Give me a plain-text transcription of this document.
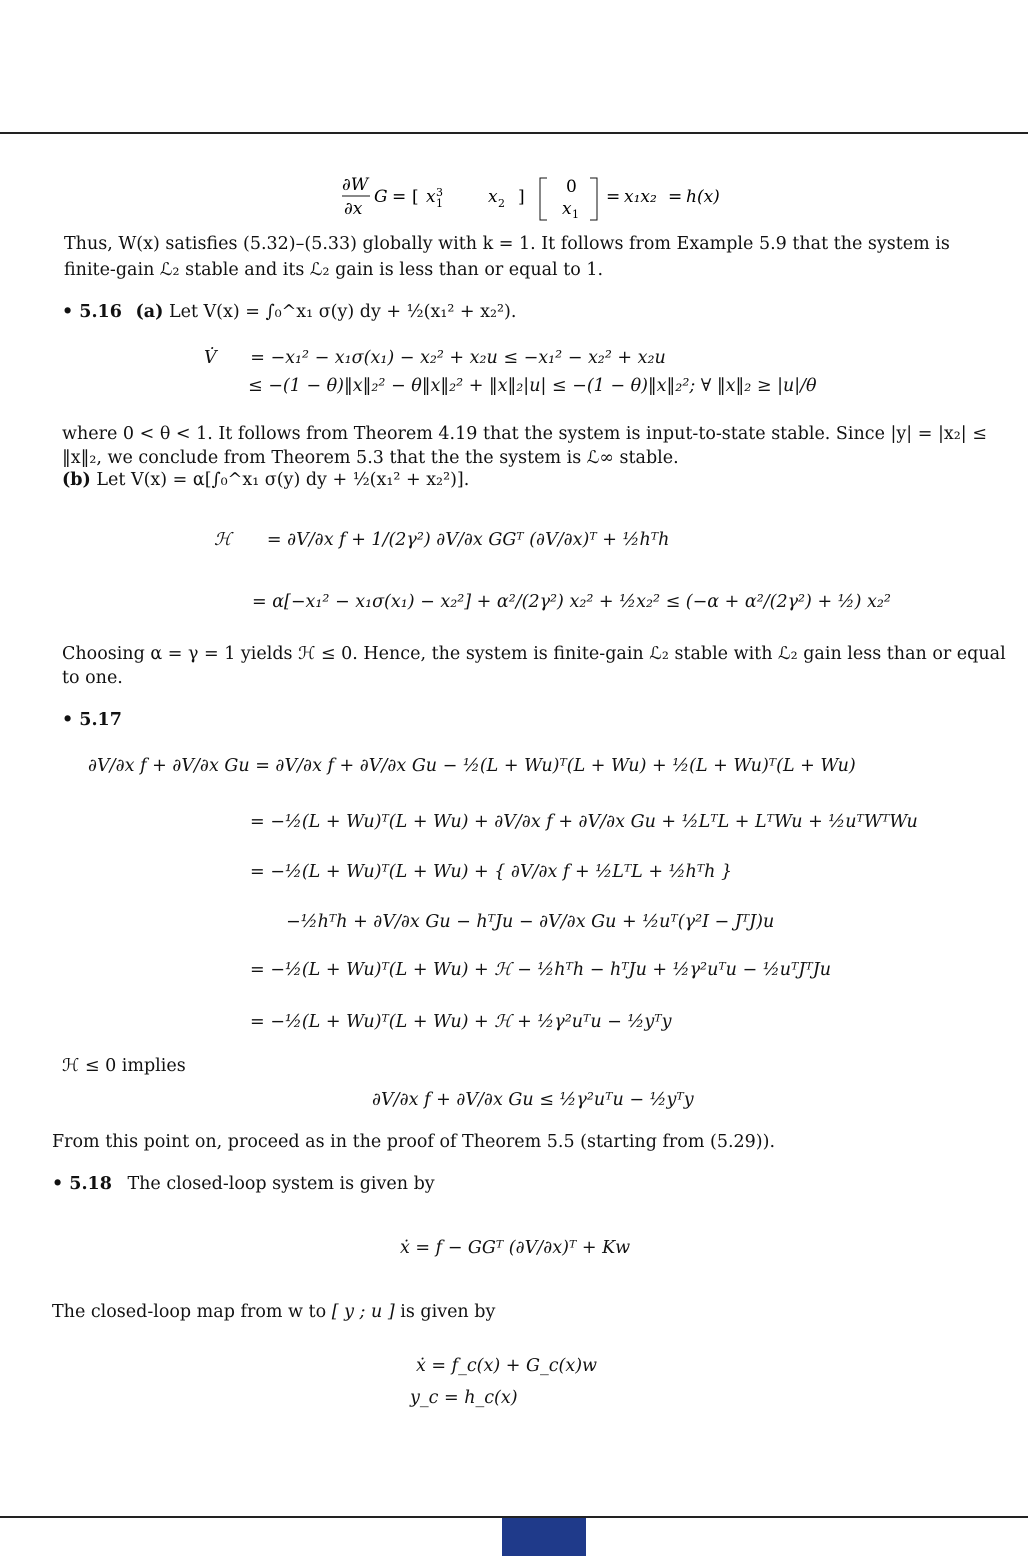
∂W
∂x
G = [ x 3
1	x 2 ] 0
x 1
= x₁x₂ = h(x)
Thus, W(x) satisfies (5.32)–(5.33) globally with k = 1. It follows from Example 5.9 that the system is
finite-gain ℒ₂ stable and its ℒ₂ gain is less than or equal to 1.
• 5.16 (a) Let V(x) = ∫₀^x₁ σ(y) dy + ½(x₁² + x₂²).
V̇ = −x₁² − x₁σ(x₁) − x₂² + x₂u ≤ −x₁² − x₂² + x₂u
≤ −(1 − θ)‖x‖₂² − θ‖x‖₂² + ‖x‖₂|u| ≤ −(1 − θ)‖x‖₂²; ∀ ‖x‖₂ ≥ |u|/θ
where 0 < θ < 1. It follows from Theorem 4.19 that the system is input-to-state stable. Since |y| = |x₂| ≤
‖x‖₂, we conclude from Theorem 5.3 that the the system is ℒ∞ stable.
(b) Let V(x) = α[∫₀^x₁ σ(y) dy + ½(x₁² + x₂²)].
ℋ = ∂V/∂x f + 1/(2γ²) ∂V/∂x GGᵀ (∂V/∂x)ᵀ + ½hᵀh
= α[−x₁² − x₁σ(x₁) − x₂²] + α²/(2γ²) x₂² + ½x₂² ≤ (−α + α²/(2γ²) + ½) x₂²
Choosing α = γ = 1 yields ℋ ≤ 0. Hence, the system is finite-gain ℒ₂ stable with ℒ₂ gain less than or equal
to one.
• 5.17
∂V/∂x f + ∂V/∂x Gu = ∂V/∂x f + ∂V/∂x Gu − ½(L + Wu)ᵀ(L + Wu) + ½(L + Wu)ᵀ(L + Wu)
= −½(L + Wu)ᵀ(L + Wu) + ∂V/∂x f + ∂V/∂x Gu + ½LᵀL + LᵀWu + ½uᵀWᵀWu
= −½(L + Wu)ᵀ(L + Wu) + { ∂V/∂x f + ½LᵀL + ½hᵀh }
−½hᵀh + ∂V/∂x Gu − hᵀJu − ∂V/∂x Gu + ½uᵀ(γ²I − JᵀJ)u
= −½(L + Wu)ᵀ(L + Wu) + ℋ − ½hᵀh − hᵀJu + ½γ²uᵀu − ½uᵀJᵀJu
= −½(L + Wu)ᵀ(L + Wu) + ℋ + ½γ²uᵀu − ½yᵀy
ℋ ≤ 0 implies
∂V/∂x f + ∂V/∂x Gu ≤ ½γ²uᵀu − ½yᵀy
From this point on, proceed as in the proof of Theorem 5.5 (starting from (5.29)).
• 5.18 The closed-loop system is given by
ẋ = f − GGᵀ (∂V/∂x)ᵀ + Kw
The closed-loop map from w to [ y ; u ] is given by
ẋ = f_c(x) + G_c(x)w
y_c = h_c(x)
